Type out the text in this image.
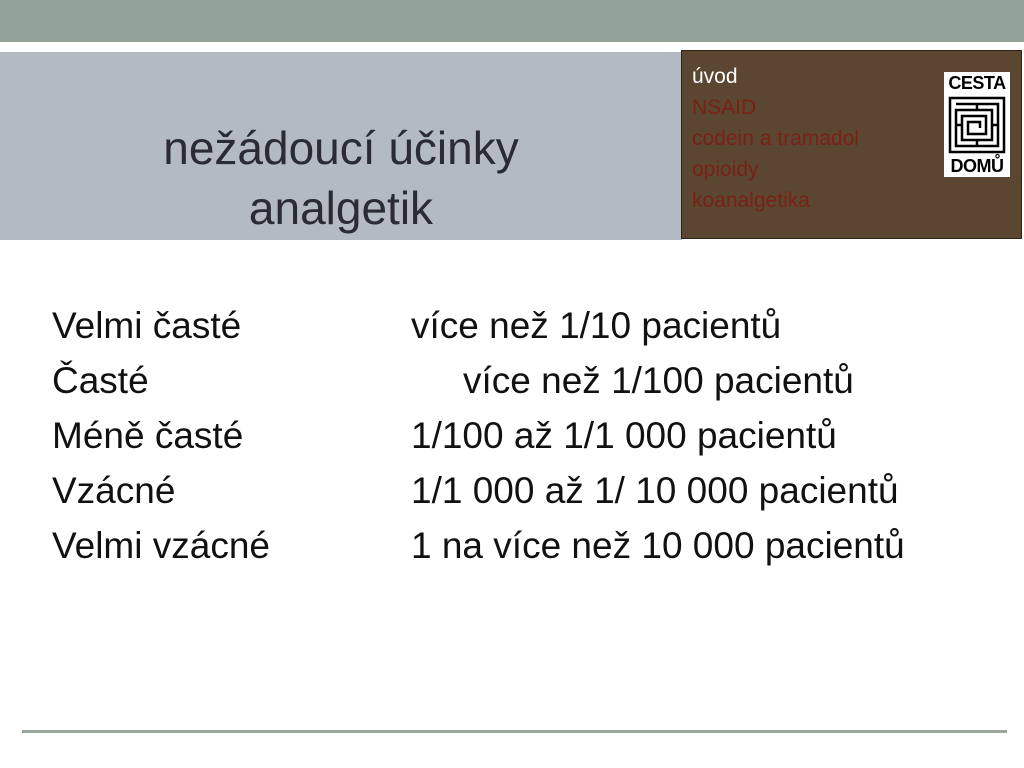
nežádoucí účinky
analgetik
úvod
NSAID
codein a tramadol
opioidy
koanalgetika
CESTA
DOMŮ
Velmi časté	více než 1/10 pacientů
Časté	více než 1/100 pacientů
Méně časté	1/100 až 1/1 000 pacientů
Vzácné	1/1 000 až 1/ 10 000 pacientů
Velmi vzácné	1 na více než 10 000 pacientů
